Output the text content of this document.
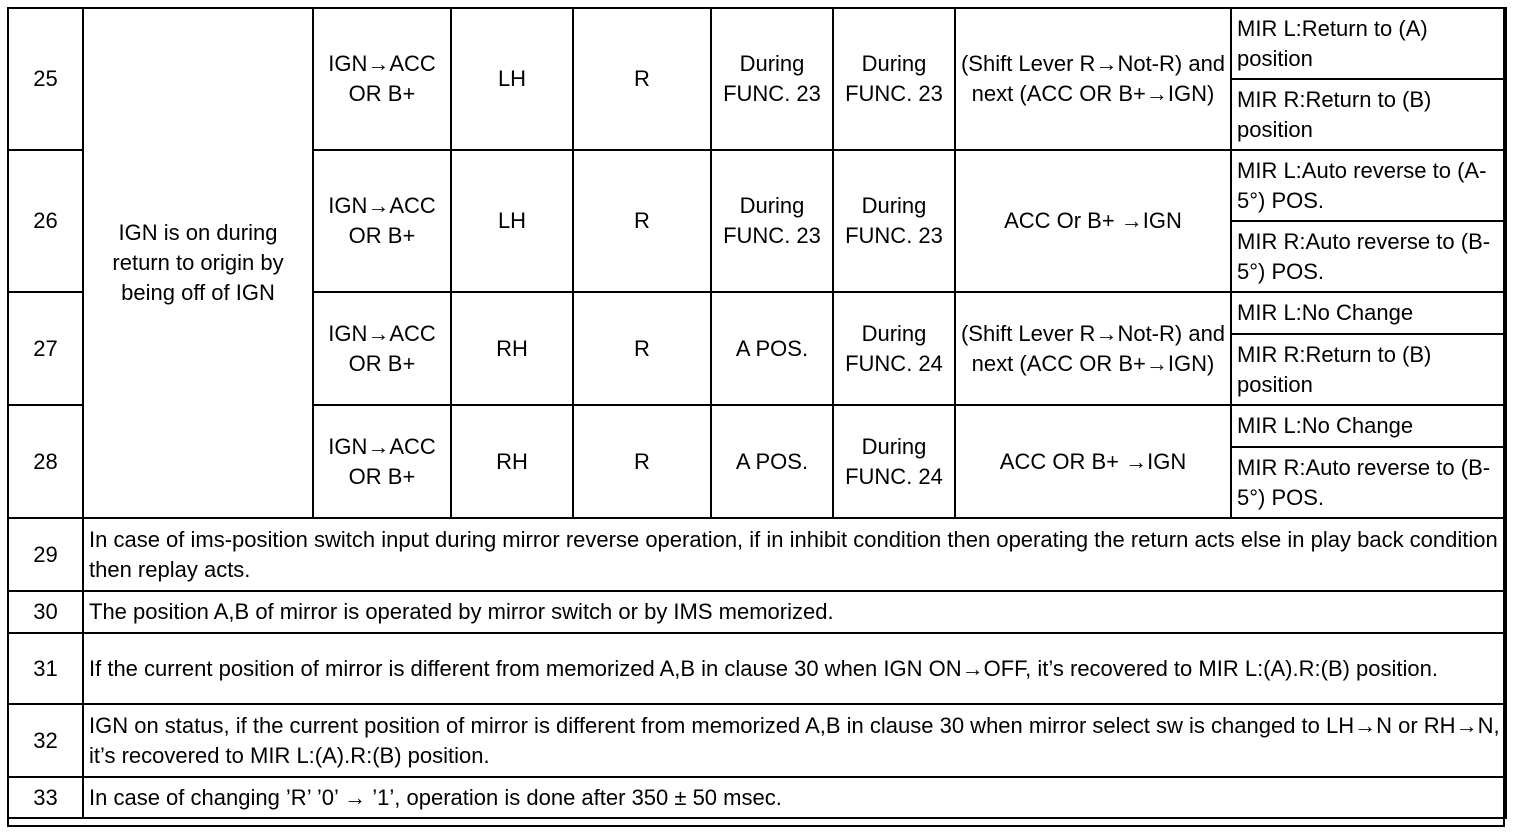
25	IGN is on during return to origin by being off of IGN	IGN→ACC OR B+	LH	R	During FUNC. 23	During FUNC. 23	(Shift Lever R→Not-R) and next (ACC OR B+→IGN)	MIR L:Return to (A) position
								MIR R:Return to (B) position
26		IGN→ACC OR B+	LH	R	During FUNC. 23	During FUNC. 23	ACC Or B+ →IGN	MIR L:Auto reverse to (A-5°) POS.
								MIR R:Auto reverse to (B-5°) POS.
27		IGN→ACC OR B+	RH	R	A POS.	During FUNC. 24	(Shift Lever R→Not-R) and next (ACC OR B+→IGN)	MIR L:No Change
								MIR R:Return to (B) position
28		IGN→ACC OR B+	RH	R	A POS.	During FUNC. 24	ACC OR B+ →IGN	MIR L:No Change
								MIR R:Auto reverse to (B-5°) POS.
29	In case of ims-position switch input during mirror reverse operation, if in inhibit condition then operating the return acts else in play back condition then replay acts.							
30	The position A,B of mirror is operated by mirror switch or by IMS memorized.							
31	If the current position of mirror is different from memorized A,B in clause 30 when IGN ON→OFF, it’s recovered to MIR L:(A).R:(B) position.							
32	IGN on status, if the current position of mirror is different from memorized A,B in clause 30 when mirror select sw is changed to LH→N or RH→N, it’s recovered to MIR L:(A).R:(B) position.							
33	In case of changing ’R’ ’0’ → ’1’, operation is done after 350 ± 50 msec.							
